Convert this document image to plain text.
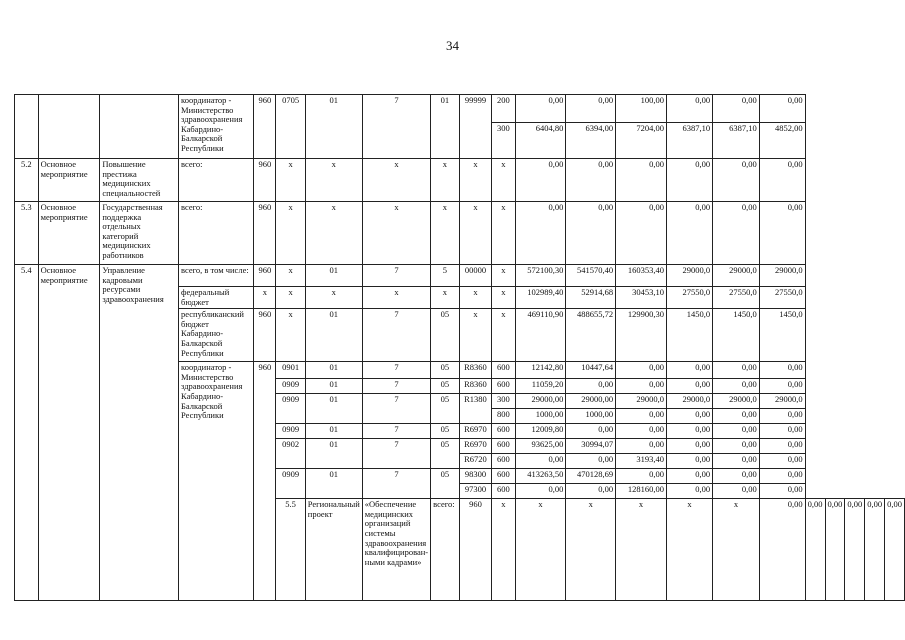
34
			координатор - Министерство здравоохранения Кабардино-Балкарской Республики	960	0705	01	7	01	99999	200	0,00	0,00	100,00	0,00	0,00	0,00					
										300	6404,80	6394,00	7204,00	6387,10	6387,10	4852,00					
5.2	Основное мероприятие	Повышение престижа медицинских специальностей	всего:	960	x	x	x	x	x	x	0,00	0,00	0,00	0,00	0,00	0,00					
5.3	Основное мероприятие	Государственная поддержка отдельных категорий медицинских работников	всего:	960	x	x	x	x	x	x	0,00	0,00	0,00	0,00	0,00	0,00					
5.4	Основное мероприятие	Управление кадровыми ресурсами здравоохранения	всего, в том числе:	960	x	01	7	5	00000	x	572100,30	541570,40	160353,40	29000,0	29000,0	29000,0					
			федеральный бюджет	x	x	x	x	x	x	x	102989,40	52914,68	30453,10	27550,0	27550,0	27550,0					
			республиканский бюджет Кабардино-Балкарской Республики	960	x	01	7	05	x	x	469110,90	488655,72	129900,30	1450,0	1450,0	1450,0					
			координатор - Министерство здравоохранения Кабардино-Балкарской Республики	960	0901	01	7	05	R8360	600	12142,80	10447,64	0,00	0,00	0,00	0,00					
					0909	01	7	05	R8360	600	11059,20	0,00	0,00	0,00	0,00	0,00					
					0909	01	7	05	R1380	300	29000,00	29000,00	29000,0	29000,0	29000,0	29000,0					
										800	1000,00	1000,00	0,00	0,00	0,00	0,00					
					0909	01	7	05	R6970	600	12009,80	0,00	0,00	0,00	0,00	0,00					
					0902	01	7	05	R6970	600	93625,00	30994,07	0,00	0,00	0,00	0,00					
									R6720	600	0,00	0,00	3193,40	0,00	0,00	0,00					
					0909	01	7	05	98300	600	413263,50	470128,69	0,00	0,00	0,00	0,00					
									97300	600	0,00	0,00	128160,00	0,00	0,00	0,00					
					5.5	Региональный проект	«Обеспечение медицинских организаций системы здравоохранения квалифицирован-ными кадрами»	всего:	960	x	x	x	x	x	x	0,00	0,00	0,00	0,00	0,00	0,00
